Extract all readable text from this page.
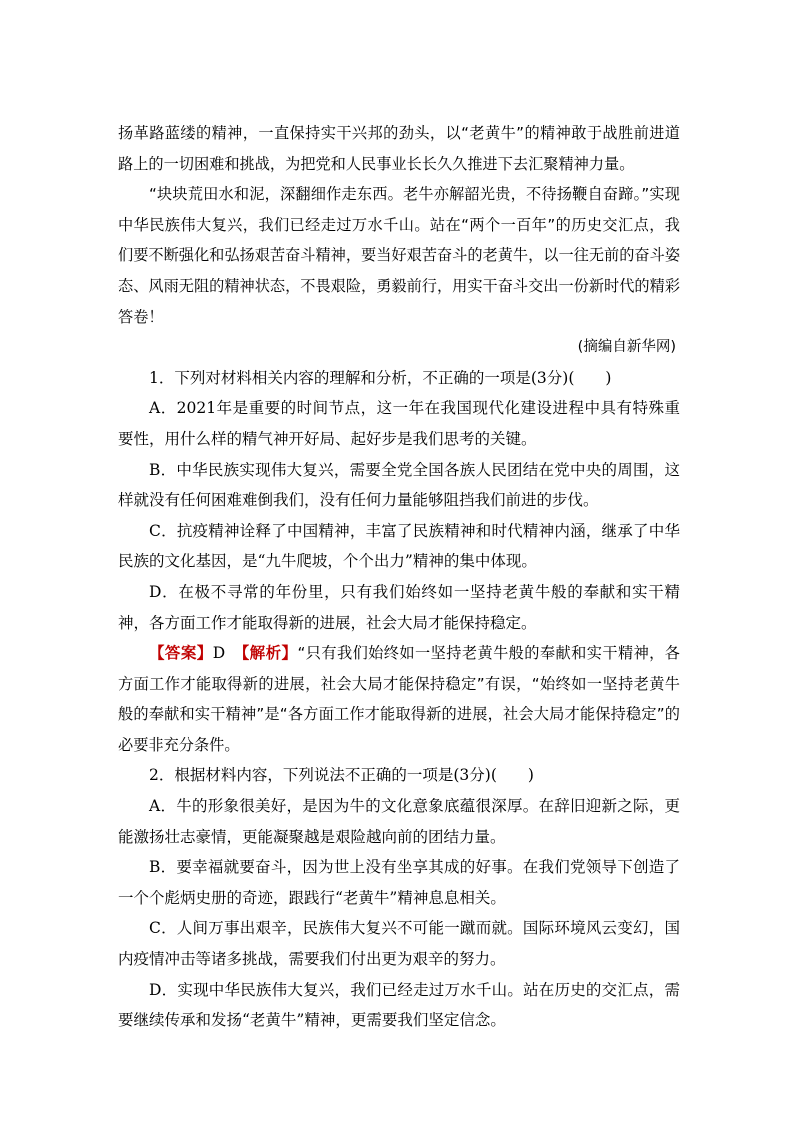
扬革路蓝缕的精神，一直保持实干兴邦的劲头，以“老黄牛”的精神敢于战胜前进道路上的一切困难和挑战，为把党和人民事业长长久久推进下去汇聚精神力量。

“块块荒田水和泥，深翻细作走东西。老牛亦解韶光贵，不待扬鞭自奋蹄。”实现中华民族伟大复兴，我们已经走过万水千山。站在“两个一百年”的历史交汇点，我们要不断强化和弘扬艰苦奋斗精神，要当好艰苦奋斗的老黄牛，以一往无前的奋斗姿态、风雨无阻的精神状态，不畏艰险，勇毅前行，用实干奋斗交出一份新时代的精彩答卷！

(摘编自新华网)

1．下列对材料相关内容的理解和分析，不正确的一项是(3分)(　　)

A．2021年是重要的时间节点，这一年在我国现代化建设进程中具有特殊重要性，用什么样的精气神开好局、起好步是我们思考的关键。

B．中华民族实现伟大复兴，需要全党全国各族人民团结在党中央的周围，这样就没有任何困难难倒我们，没有任何力量能够阻挡我们前进的步伐。

C．抗疫精神诠释了中国精神，丰富了民族精神和时代精神内涵，继承了中华民族的文化基因，是“九牛爬坡，个个出力”精神的集中体现。

D．在极不寻常的年份里，只有我们始终如一坚持老黄牛般的奉献和实干精神，各方面工作才能取得新的进展，社会大局才能保持稳定。

【答案】D　【解析】“只有我们始终如一坚持老黄牛般的奉献和实干精神，各方面工作才能取得新的进展，社会大局才能保持稳定”有误，“始终如一坚持老黄牛般的奉献和实干精神”是“各方面工作才能取得新的进展，社会大局才能保持稳定”的必要非充分条件。

2．根据材料内容，下列说法不正确的一项是(3分)(　　)

A．牛的形象很美好，是因为牛的文化意象底蕴很深厚。在辞旧迎新之际，更能激扬壮志豪情，更能凝聚越是艰险越向前的团结力量。

B．要幸福就要奋斗，因为世上没有坐享其成的好事。在我们党领导下创造了一个个彪炳史册的奇迹，跟践行“老黄牛”精神息息相关。

C．人间万事出艰辛，民族伟大复兴不可能一蹴而就。国际环境风云变幻，国内疫情冲击等诸多挑战，需要我们付出更为艰辛的努力。

D．实现中华民族伟大复兴，我们已经走过万水千山。站在历史的交汇点，需要继续传承和发扬“老黄牛”精神，更需要我们坚定信念。
